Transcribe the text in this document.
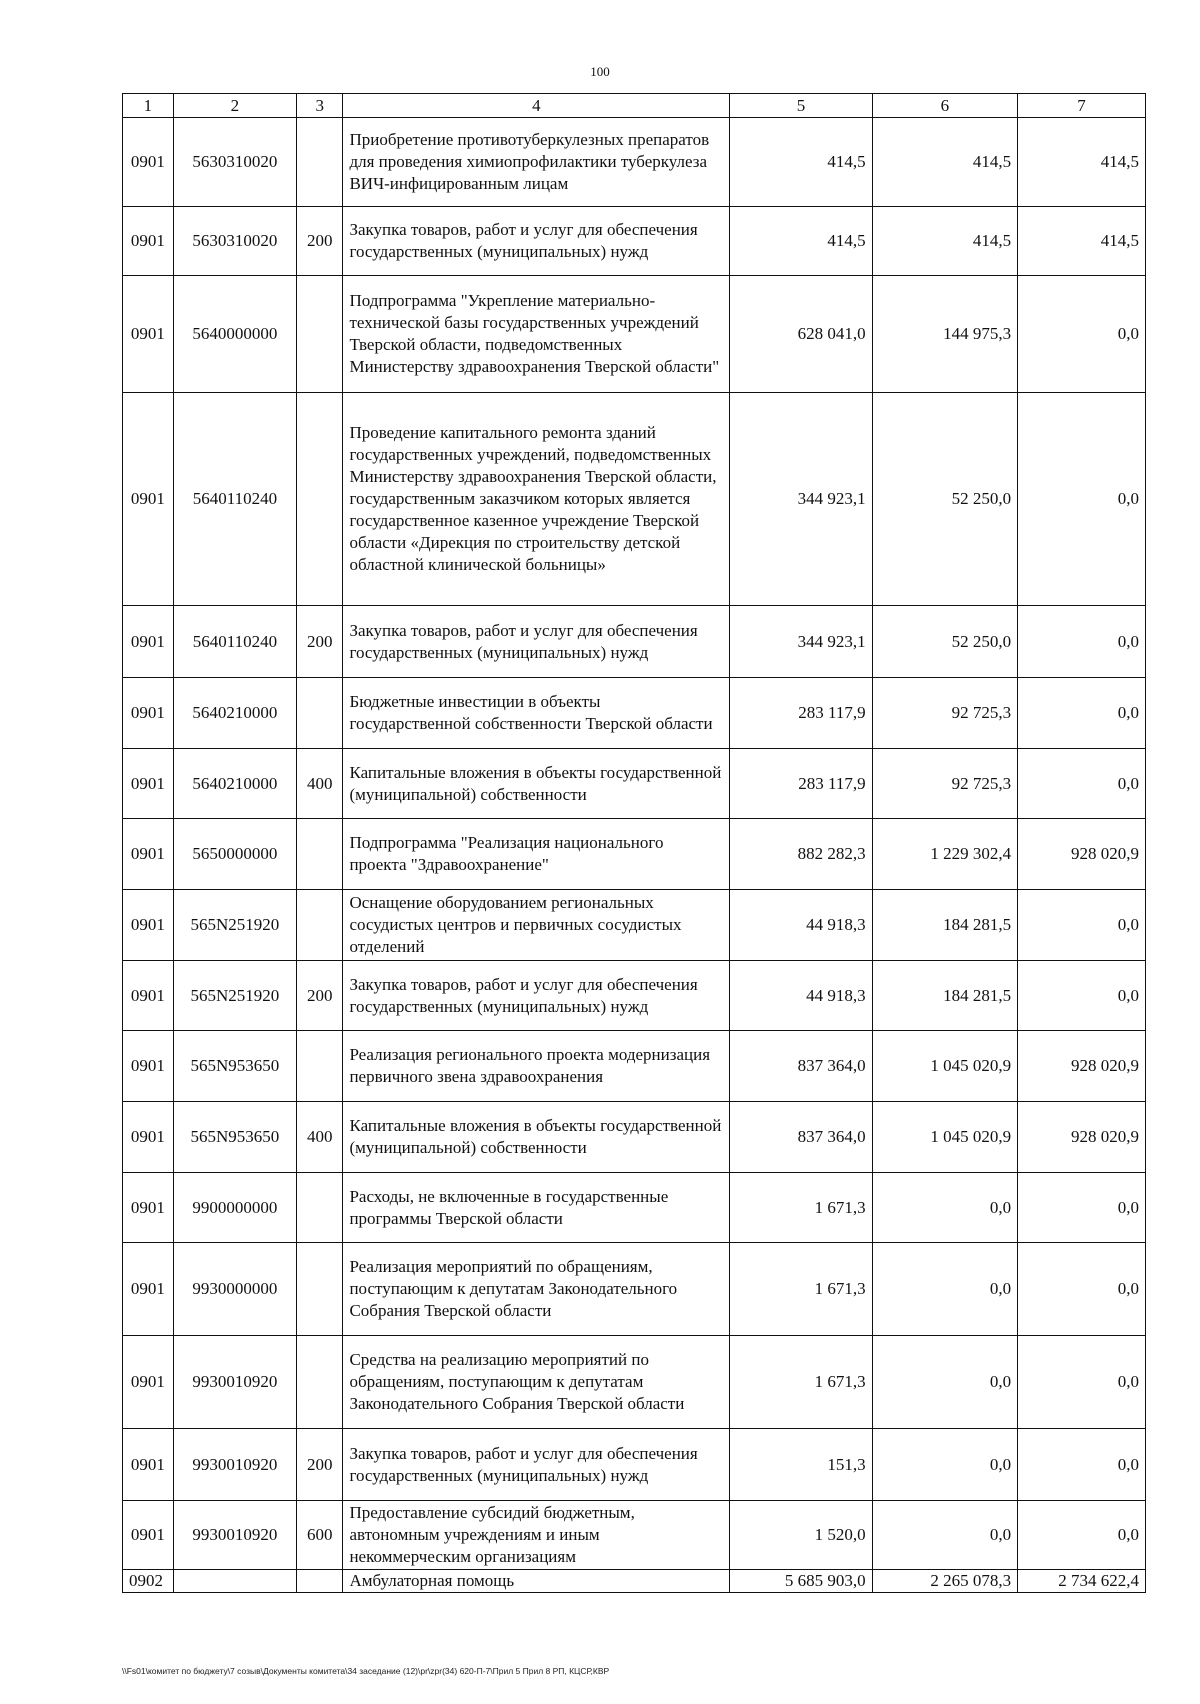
100
1	2	3	4	5	6	7
0901	5630310020		Приобретение противотуберкулезных препаратов для проведения химиопрофилактики туберкулеза ВИЧ-инфицированным лицам	414,5	414,5	414,5
0901	5630310020	200	Закупка товаров, работ и услуг для обеспечения государственных (муниципальных) нужд	414,5	414,5	414,5
0901	5640000000		Подпрограмма "Укрепление материально-технической базы государственных учреждений Тверской области, подведомственных Министерству здравоохранения Тверской области"	628 041,0	144 975,3	0,0
0901	5640110240		Проведение капитального ремонта зданий государственных учреждений, подведомственных Министерству здравоохранения Тверской области, государственным заказчиком которых является государственное казенное учреждение Тверской области «Дирекция по строительству детской областной клинической больницы»	344 923,1	52 250,0	0,0
0901	5640110240	200	Закупка товаров, работ и услуг для обеспечения государственных (муниципальных) нужд	344 923,1	52 250,0	0,0
0901	5640210000		Бюджетные инвестиции в объекты государственной собственности Тверской области	283 117,9	92 725,3	0,0
0901	5640210000	400	Капитальные вложения в объекты государственной (муниципальной) собственности	283 117,9	92 725,3	0,0
0901	5650000000		Подпрограмма "Реализация национального проекта "Здравоохранение"	882 282,3	1 229 302,4	928 020,9
0901	565N251920		Оснащение оборудованием региональных сосудистых центров и первичных сосудистых отделений	44 918,3	184 281,5	0,0
0901	565N251920	200	Закупка товаров, работ и услуг для обеспечения государственных (муниципальных) нужд	44 918,3	184 281,5	0,0
0901	565N953650		Реализация регионального проекта модернизация первичного звена здравоохранения	837 364,0	1 045 020,9	928 020,9
0901	565N953650	400	Капитальные вложения в объекты государственной (муниципальной) собственности	837 364,0	1 045 020,9	928 020,9
0901	9900000000		Расходы, не включенные в государственные программы Тверской области	1 671,3	0,0	0,0
0901	9930000000		Реализация мероприятий по обращениям, поступающим к депутатам Законодательного Собрания Тверской области	1 671,3	0,0	0,0
0901	9930010920		Средства на реализацию мероприятий по обращениям, поступающим к депутатам Законодательного Собрания Тверской области	1 671,3	0,0	0,0
0901	9930010920	200	Закупка товаров, работ и услуг для обеспечения государственных (муниципальных) нужд	151,3	0,0	0,0
0901	9930010920	600	Предоставление субсидий бюджетным, автономным учреждениям и иным некоммерческим организациям	1 520,0	0,0	0,0
0902			Амбулаторная помощь	5 685 903,0	2 265 078,3	2 734 622,4
\\Fs01\комитет по бюджету\7 созыв\Документы комитета\34 заседание (12)\pr\zpr(34) 620-П-7\Прил 5 Прил 8 РП, КЦСР,КВР
